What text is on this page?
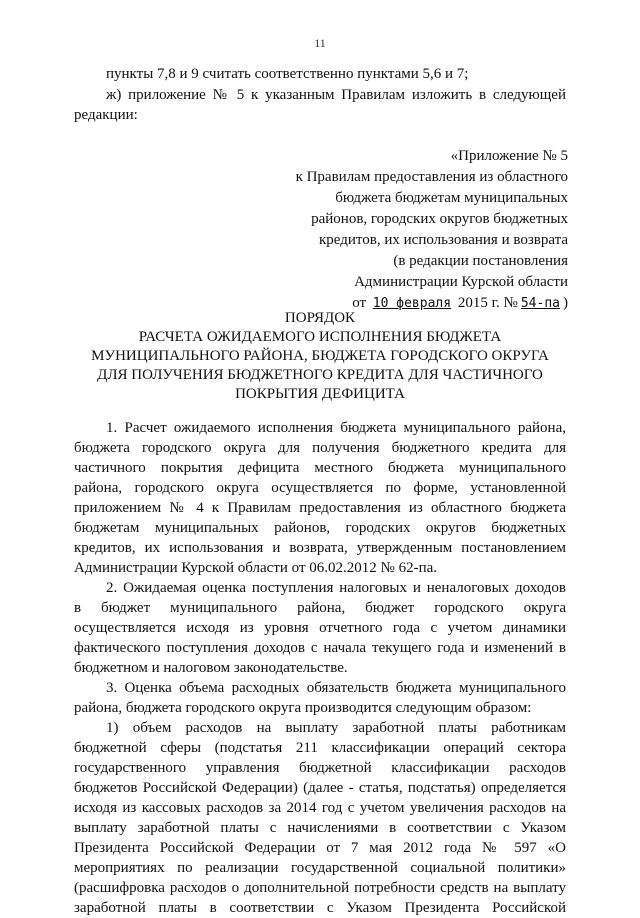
11
пункты 7,8 и 9 считать соответственно пунктами 5,6 и 7;
ж) приложение № 5 к указанным Правилам изложить в следующей
редакции:
«Приложение № 5
к Правилам предоставления из областного
бюджета бюджетам муниципальных
районов, городских округов бюджетных
кредитов, их использования и возврата
(в редакции постановления
Администрации Курской области
от 10 февраля 2015 г. № 54-па )
ПОРЯДОК
РАСЧЕТА ОЖИДАЕМОГО ИСПОЛНЕНИЯ БЮДЖЕТА
МУНИЦИПАЛЬНОГО РАЙОНА, БЮДЖЕТА ГОРОДСКОГО ОКРУГА
ДЛЯ ПОЛУЧЕНИЯ БЮДЖЕТНОГО КРЕДИТА ДЛЯ ЧАСТИЧНОГО
ПОКРЫТИЯ ДЕФИЦИТА
1. Расчет ожидаемого исполнения бюджета муниципального района,
бюджета городского округа для получения бюджетного кредита для
частичного покрытия дефицита местного бюджета муниципального
района, городского округа осуществляется по форме, установленной
приложением № 4 к Правилам предоставления из областного бюджета
бюджетам муниципальных районов, городских округов бюджетных
кредитов, их использования и возврата, утвержденным постановлением
Администрации Курской области от 06.02.2012 № 62-па.
2. Ожидаемая оценка поступления налоговых и неналоговых доходов
в бюджет муниципального района, бюджет городского округа
осуществляется исходя из уровня отчетного года с учетом динамики
фактического поступления доходов с начала текущего года и изменений в
бюджетном и налоговом законодательстве.
3. Оценка объема расходных обязательств бюджета муниципального
района, бюджета городского округа производится следующим образом:
1) объем расходов на выплату заработной платы работникам
бюджетной сферы (подстатья 211 классификации операций сектора
государственного управления бюджетной классификации расходов
бюджетов Российской Федерации) (далее - статья, подстатья) определяется
исходя из кассовых расходов за 2014 год с учетом увеличения расходов на
выплату заработной платы с начислениями в соответствии с Указом
Президента Российской Федерации от 7 мая 2012 года № 597 «О
мероприятиях по реализации государственной социальной политики»
(расшифровка расходов о дополнительной потребности средств на выплату
заработной платы в соответствии с Указом Президента Российской
